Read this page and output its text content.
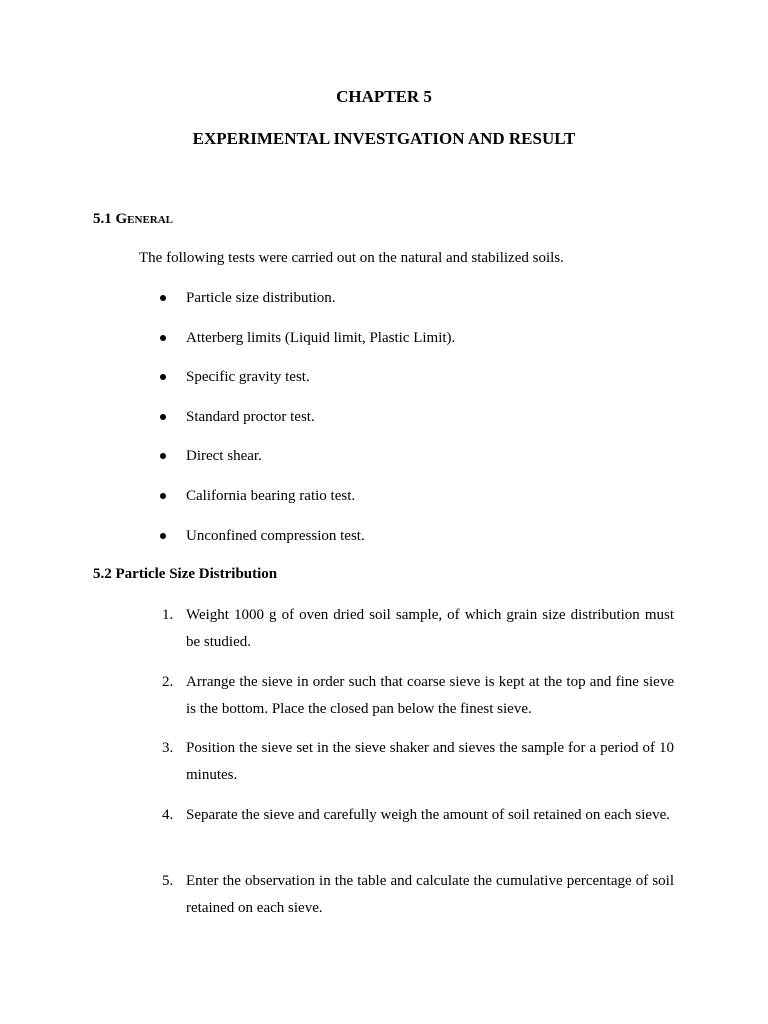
CHAPTER 5
EXPERIMENTAL INVESTGATION AND RESULT
5.1 General

The following tests were carried out on the natural and stabilized soils.

Particle size distribution.
Atterberg limits (Liquid limit, Plastic Limit).
Specific gravity test.
Standard proctor test.
Direct shear.
California bearing ratio test.
Unconfined compression test.
5.2 Particle Size Distribution
1. Weight 1000 g of oven dried soil sample, of which grain size distribution must be studied.
2. Arrange the sieve in order such that coarse sieve is kept at the top and fine sieve is the bottom. Place the closed pan below the finest sieve.
3. Position the sieve set in the sieve shaker and sieves the sample for a period of 10 minutes.
4. Separate the sieve and carefully weigh the amount of soil retained on each sieve.
5. Enter the observation in the table and calculate the cumulative percentage of soil retained on each sieve.
